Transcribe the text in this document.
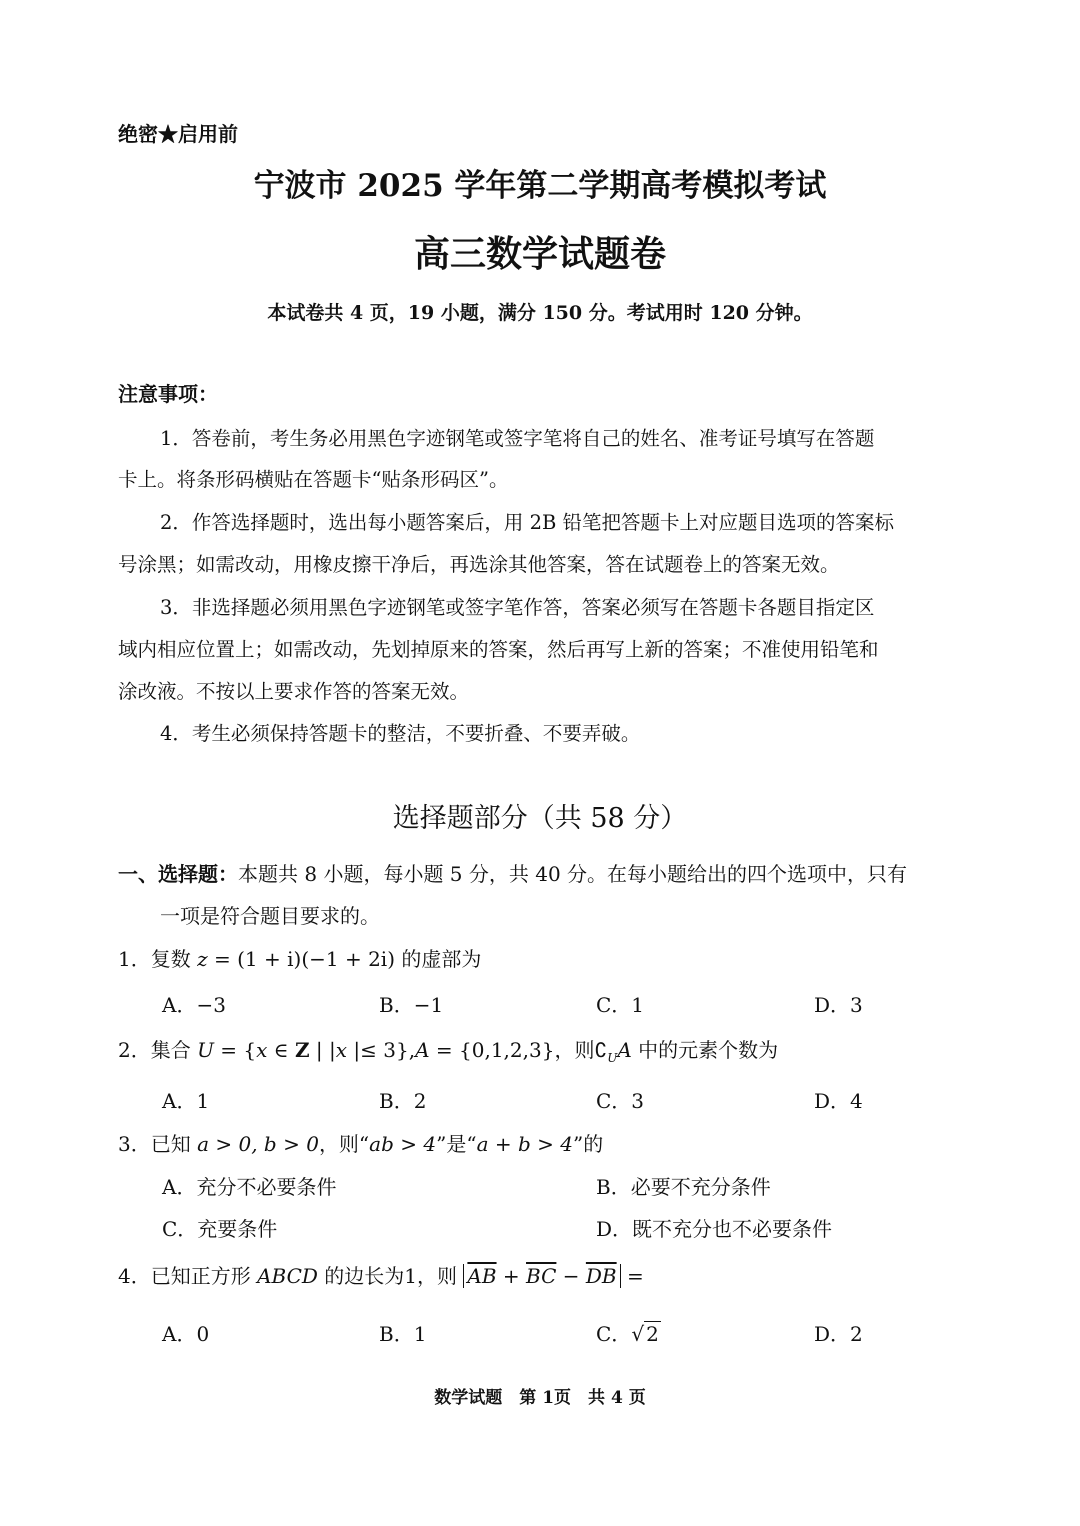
绝密★启用前
宁波市 2025 学年第二学期高考模拟考试
高三数学试题卷
本试卷共 4 页，19 小题，满分 150 分。考试用时 120 分钟。
注意事项：
1．答卷前，考生务必用黑色字迹钢笔或签字笔将自己的姓名、准考证号填写在答题
卡上。将条形码横贴在答题卡“贴条形码区”。
2．作答选择题时，选出每小题答案后，用 2B 铅笔把答题卡上对应题目选项的答案标
号涂黑；如需改动，用橡皮擦干净后，再选涂其他答案，答在试题卷上的答案无效。
3．非选择题必须用黑色字迹钢笔或签字笔作答，答案必须写在答题卡各题目指定区
域内相应位置上；如需改动，先划掉原来的答案，然后再写上新的答案；不准使用铅笔和
涂改液。不按以上要求作答的答案无效。
4．考生必须保持答题卡的整洁，不要折叠、不要弄破。
选择题部分（共 58 分）
一、选择题：本题共 8 小题，每小题 5 分，共 40 分。在每小题给出的四个选项中，只有
一项是符合题目要求的。
1．复数 z = (1 + i)(−1 + 2i) 的虚部为
A．−3	B．−1	C．1	D．3
2．集合 U = {x ∈ Z | |x |≤ 3},A = {0,1,2,3}，则$∁_UA$ 中的元素个数为
A．1	B．2	C．3	D．4
3．已知 a > 0, b > 0，则“ab > 4”是“a + b > 4”的
A．充分不必要条件	B．必要不充分条件
C．充要条件	D．既不充分也不必要条件
4．已知正方形 ABCD 的边长为1，则 $\overline{AB} + \overline{BC} - \overline{DB}$ =
A．0	B．1	C．√ 2	D．2
数学试题　第 1页　共 4 页
